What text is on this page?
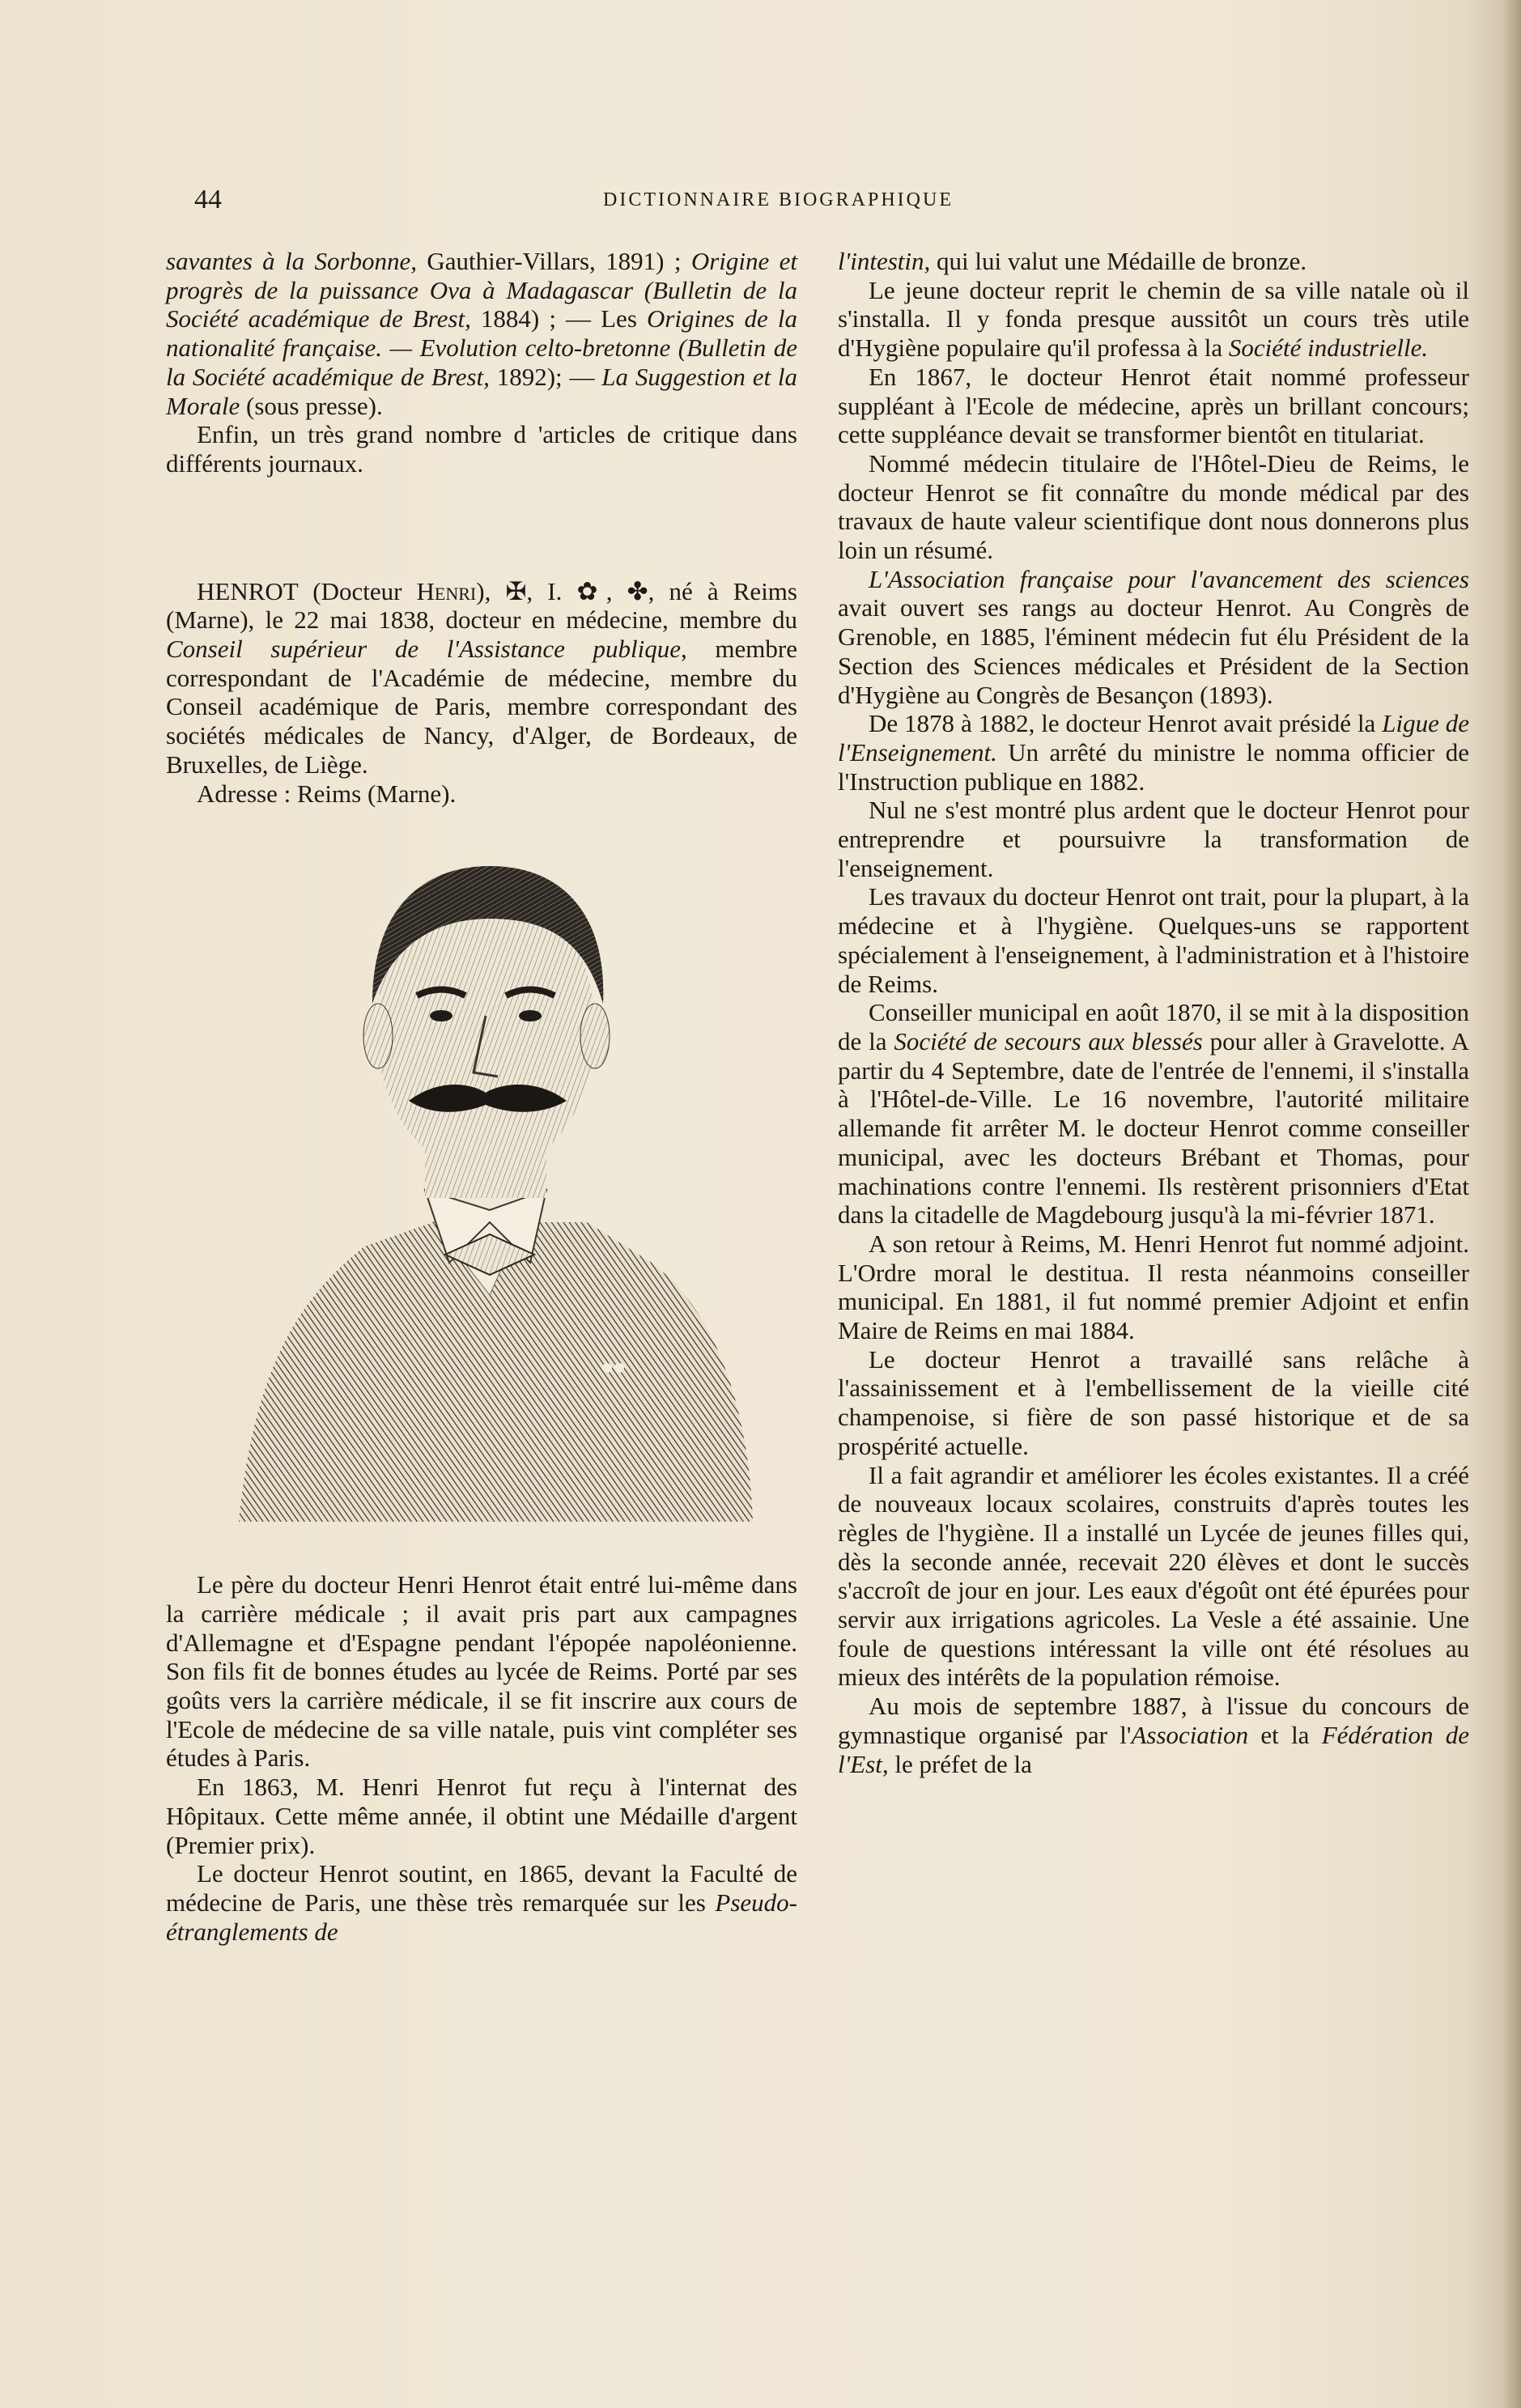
44	DICTIONNAIRE BIOGRAPHIQUE

savantes à la Sorbonne, Gauthier-Villars, 1891) ; Origine et progrès de la puissance Ova à Madagascar (Bulletin de la Société académique de Brest, 1884) ; — Les Origines de la nationalité française. — Evolution celto-bretonne (Bulletin de la Société académique de Brest, 1892); — La Suggestion et la Morale (sous presse).

Enfin, un très grand nombre d 'articles de critique dans différents journaux.

HENROT (Docteur Henri), ✠, I. ✿, ✤, né à Reims (Marne), le 22 mai 1838, docteur en médecine, membre du Conseil supérieur de l'Assistance publique, membre correspondant de l'Académie de médecine, membre du Conseil académique de Paris, membre correspondant des sociétés médicales de Nancy, d'Alger, de Bordeaux, de Bruxelles, de Liège.

Adresse : Reims (Marne).

Le père du docteur Henri Henrot était entré lui-même dans la carrière médicale ; il avait pris part aux campagnes d'Allemagne et d'Espagne pendant l'épopée napoléonienne. Son fils fit de bonnes études au lycée de Reims. Porté par ses goûts vers la carrière médicale, il se fit inscrire aux cours de l'Ecole de médecine de sa ville natale, puis vint compléter ses études à Paris.

En 1863, M. Henri Henrot fut reçu à l'internat des Hôpitaux. Cette même année, il obtint une Médaille d'argent (Premier prix).

Le docteur Henrot soutint, en 1865, devant la Faculté de médecine de Paris, une thèse très remarquée sur les Pseudo-étranglements de

l'intestin, qui lui valut une Médaille de bronze.

Le jeune docteur reprit le chemin de sa ville natale où il s'installa. Il y fonda presque aussitôt un cours très utile d'Hygiène populaire qu'il professa à la Société industrielle.

En 1867, le docteur Henrot était nommé professeur suppléant à l'Ecole de médecine, après un brillant concours; cette suppléance devait se transformer bientôt en titulariat.

Nommé médecin titulaire de l'Hôtel-Dieu de Reims, le docteur Henrot se fit connaître du monde médical par des travaux de haute valeur scientifique dont nous donnerons plus loin un résumé.

L'Association française pour l'avancement des sciences avait ouvert ses rangs au docteur Henrot. Au Congrès de Grenoble, en 1885, l'éminent médecin fut élu Président de la Section des Sciences médicales et Président de la Section d'Hygiène au Congrès de Besançon (1893).

De 1878 à 1882, le docteur Henrot avait présidé la Ligue de l'Enseignement. Un arrêté du ministre le nomma officier de l'Instruction publique en 1882.

Nul ne s'est montré plus ardent que le docteur Henrot pour entreprendre et poursuivre la transformation de l'enseignement.

Les travaux du docteur Henrot ont trait, pour la plupart, à la médecine et à l'hygiène. Quelques-uns se rapportent spécialement à l'enseignement, à l'administration et à l'histoire de Reims.

Conseiller municipal en août 1870, il se mit à la disposition de la Société de secours aux blessés pour aller à Gravelotte. A partir du 4 Septembre, date de l'entrée de l'ennemi, il s'installa à l'Hôtel-de-Ville. Le 16 novembre, l'autorité militaire allemande fit arrêter M. le docteur Henrot comme conseiller municipal, avec les docteurs Brébant et Thomas, pour machinations contre l'ennemi. Ils restèrent prisonniers d'Etat dans la citadelle de Magdebourg jusqu'à la mi-février 1871.

A son retour à Reims, M. Henri Henrot fut nommé adjoint. L'Ordre moral le destitua. Il resta néanmoins conseiller municipal. En 1881, il fut nommé premier Adjoint et enfin Maire de Reims en mai 1884.

Le docteur Henrot a travaillé sans relâche à l'assainissement et à l'embellissement de la vieille cité champenoise, si fière de son passé historique et de sa prospérité actuelle.

Il a fait agrandir et améliorer les écoles existantes. Il a créé de nouveaux locaux scolaires, construits d'après toutes les règles de l'hygiène. Il a installé un Lycée de jeunes filles qui, dès la seconde année, recevait 220 élèves et dont le succès s'accroît de jour en jour. Les eaux d'égoût ont été épurées pour servir aux irrigations agricoles. La Vesle a été assainie. Une foule de questions intéressant la ville ont été résolues au mieux des intérêts de la population rémoise.

Au mois de septembre 1887, à l'issue du concours de gymnastique organisé par l'Association et la Fédération de l'Est, le préfet de la
